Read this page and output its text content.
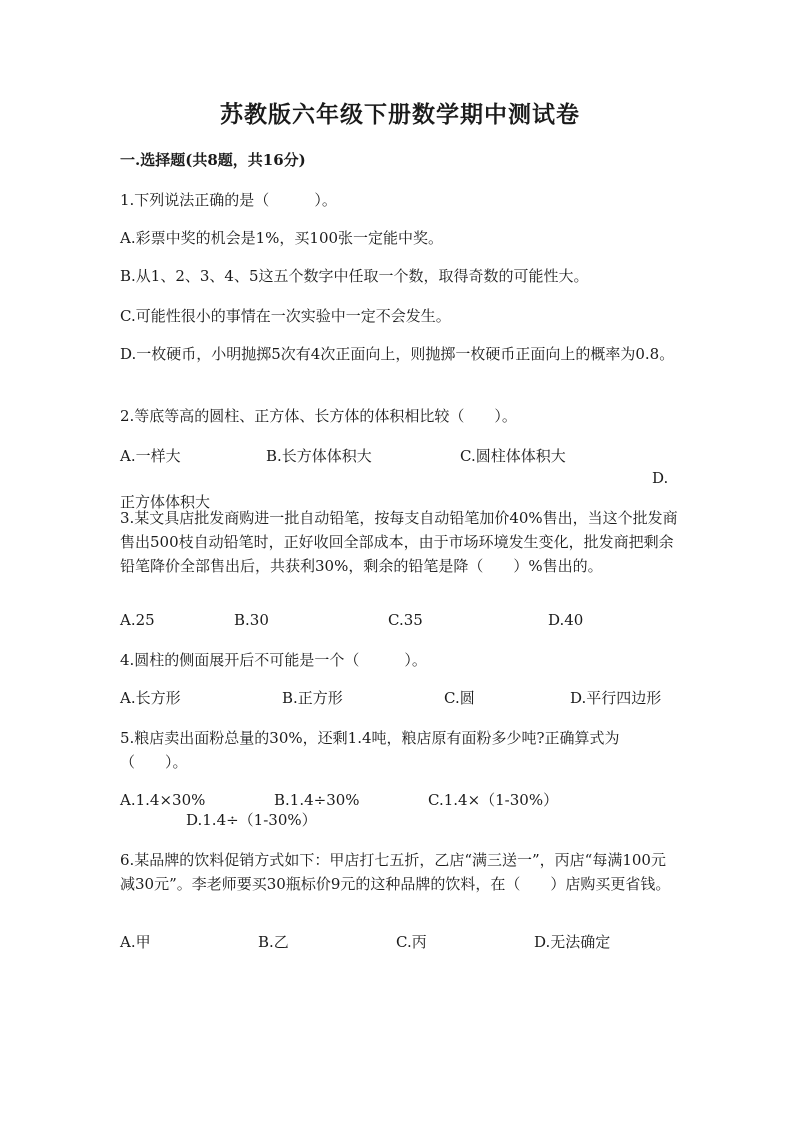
苏教版六年级下册数学期中测试卷
一.选择题(共8题，共16分)

1.下列说法正确的是（　　　）。

A.彩票中奖的机会是1%，买100张一定能中奖。

B.从1、2、3、4、5这五个数字中任取一个数，取得奇数的可能性大。

C.可能性很小的事情在一次实验中一定不会发生。

D.一枚硬币，小明抛掷5次有4次正面向上，则抛掷一枚硬币正面向上的概率为0.8。

2.等底等高的圆柱、正方体、长方体的体积相比较（　　）。

A.一样大	B.长方体体积大	C.圆柱体体积大
D.正方体体积大

3.某文具店批发商购进一批自动铅笔，按每支自动铅笔加价40%售出，当这个批发商售出500枝自动铅笔时，正好收回全部成本，由于市场环境发生变化，批发商把剩余铅笔降价全部售出后，共获利30%，剩余的铅笔是降（　　）%售出的。

A.25	B.30	C.35	D.40

4.圆柱的侧面展开后不可能是一个（　　　）。

A.长方形	B.正方形	C.圆	D.平行四边形

5.粮店卖出面粉总量的30%，还剩1.4吨，粮店原有面粉多少吨?正确算式为（　　）。

A.1.4×30%	B.1.4÷30%	C.1.4×（1-30%）
D.1.4÷（1-30%）

6.某品牌的饮料促销方式如下：甲店打七五折，乙店“满三送一”，丙店“每满100元减30元”。李老师要买30瓶标价9元的这种品牌的饮料，在（　　）店购买更省钱。

A.甲	B.乙	C.丙	D.无法确定
